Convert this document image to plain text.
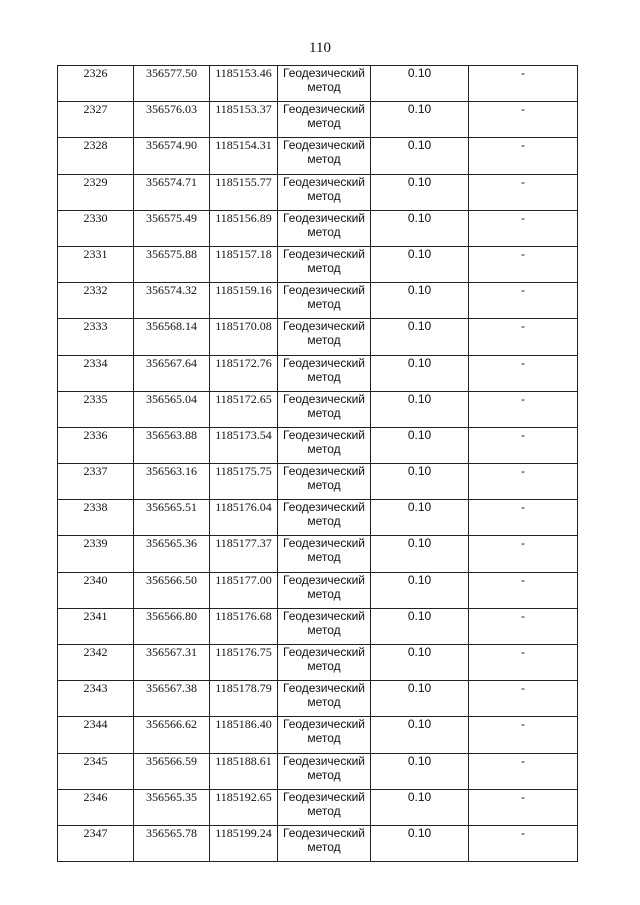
110
2326	356577.50	1185153.46	Геодезический метод	0.10	-
2327	356576.03	1185153.37	Геодезический метод	0.10	-
2328	356574.90	1185154.31	Геодезический метод	0.10	-
2329	356574.71	1185155.77	Геодезический метод	0.10	-
2330	356575.49	1185156.89	Геодезический метод	0.10	-
2331	356575.88	1185157.18	Геодезический метод	0.10	-
2332	356574.32	1185159.16	Геодезический метод	0.10	-
2333	356568.14	1185170.08	Геодезический метод	0.10	-
2334	356567.64	1185172.76	Геодезический метод	0.10	-
2335	356565.04	1185172.65	Геодезический метод	0.10	-
2336	356563.88	1185173.54	Геодезический метод	0.10	-
2337	356563.16	1185175.75	Геодезический метод	0.10	-
2338	356565.51	1185176.04	Геодезический метод	0.10	-
2339	356565.36	1185177.37	Геодезический метод	0.10	-
2340	356566.50	1185177.00	Геодезический метод	0.10	-
2341	356566.80	1185176.68	Геодезический метод	0.10	-
2342	356567.31	1185176.75	Геодезический метод	0.10	-
2343	356567.38	1185178.79	Геодезический метод	0.10	-
2344	356566.62	1185186.40	Геодезический метод	0.10	-
2345	356566.59	1185188.61	Геодезический метод	0.10	-
2346	356565.35	1185192.65	Геодезический метод	0.10	-
2347	356565.78	1185199.24	Геодезический метод	0.10	-
